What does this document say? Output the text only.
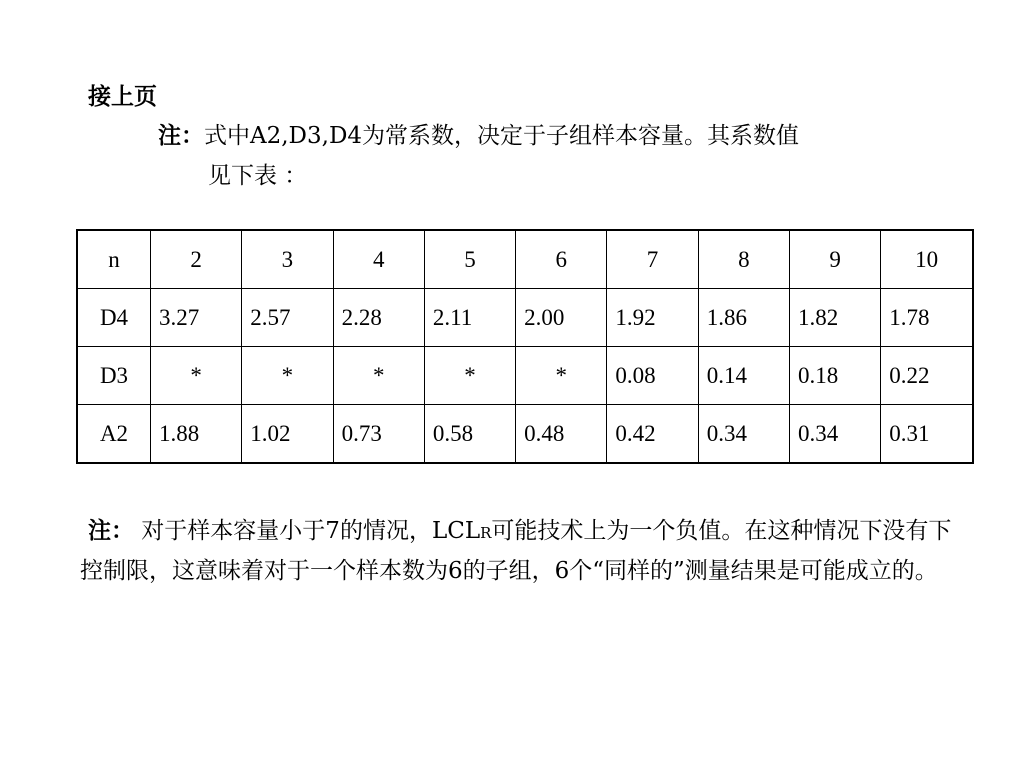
接上页
注：式中A2,D3,D4为常系数，决定于子组样本容量。其系数值
见下表 ：
n	2	3	4	5	6	7	8	9	10
D4	3.27	2.57	2.28	2.11	2.00	1.92	1.86	1.82	1.78
D3	*	*	*	*	*	0.08	0.14	0.18	0.22
A2	1.88	1.02	0.73	0.58	0.48	0.42	0.34	0.34	0.31
注： 对于样本容量小于7的情况，LCLR可能技术上为一个负值。在这种情况下没有下控制限，这意味着对于一个样本数为6的子组，6个“同样的”测量结果是可能成立的。
